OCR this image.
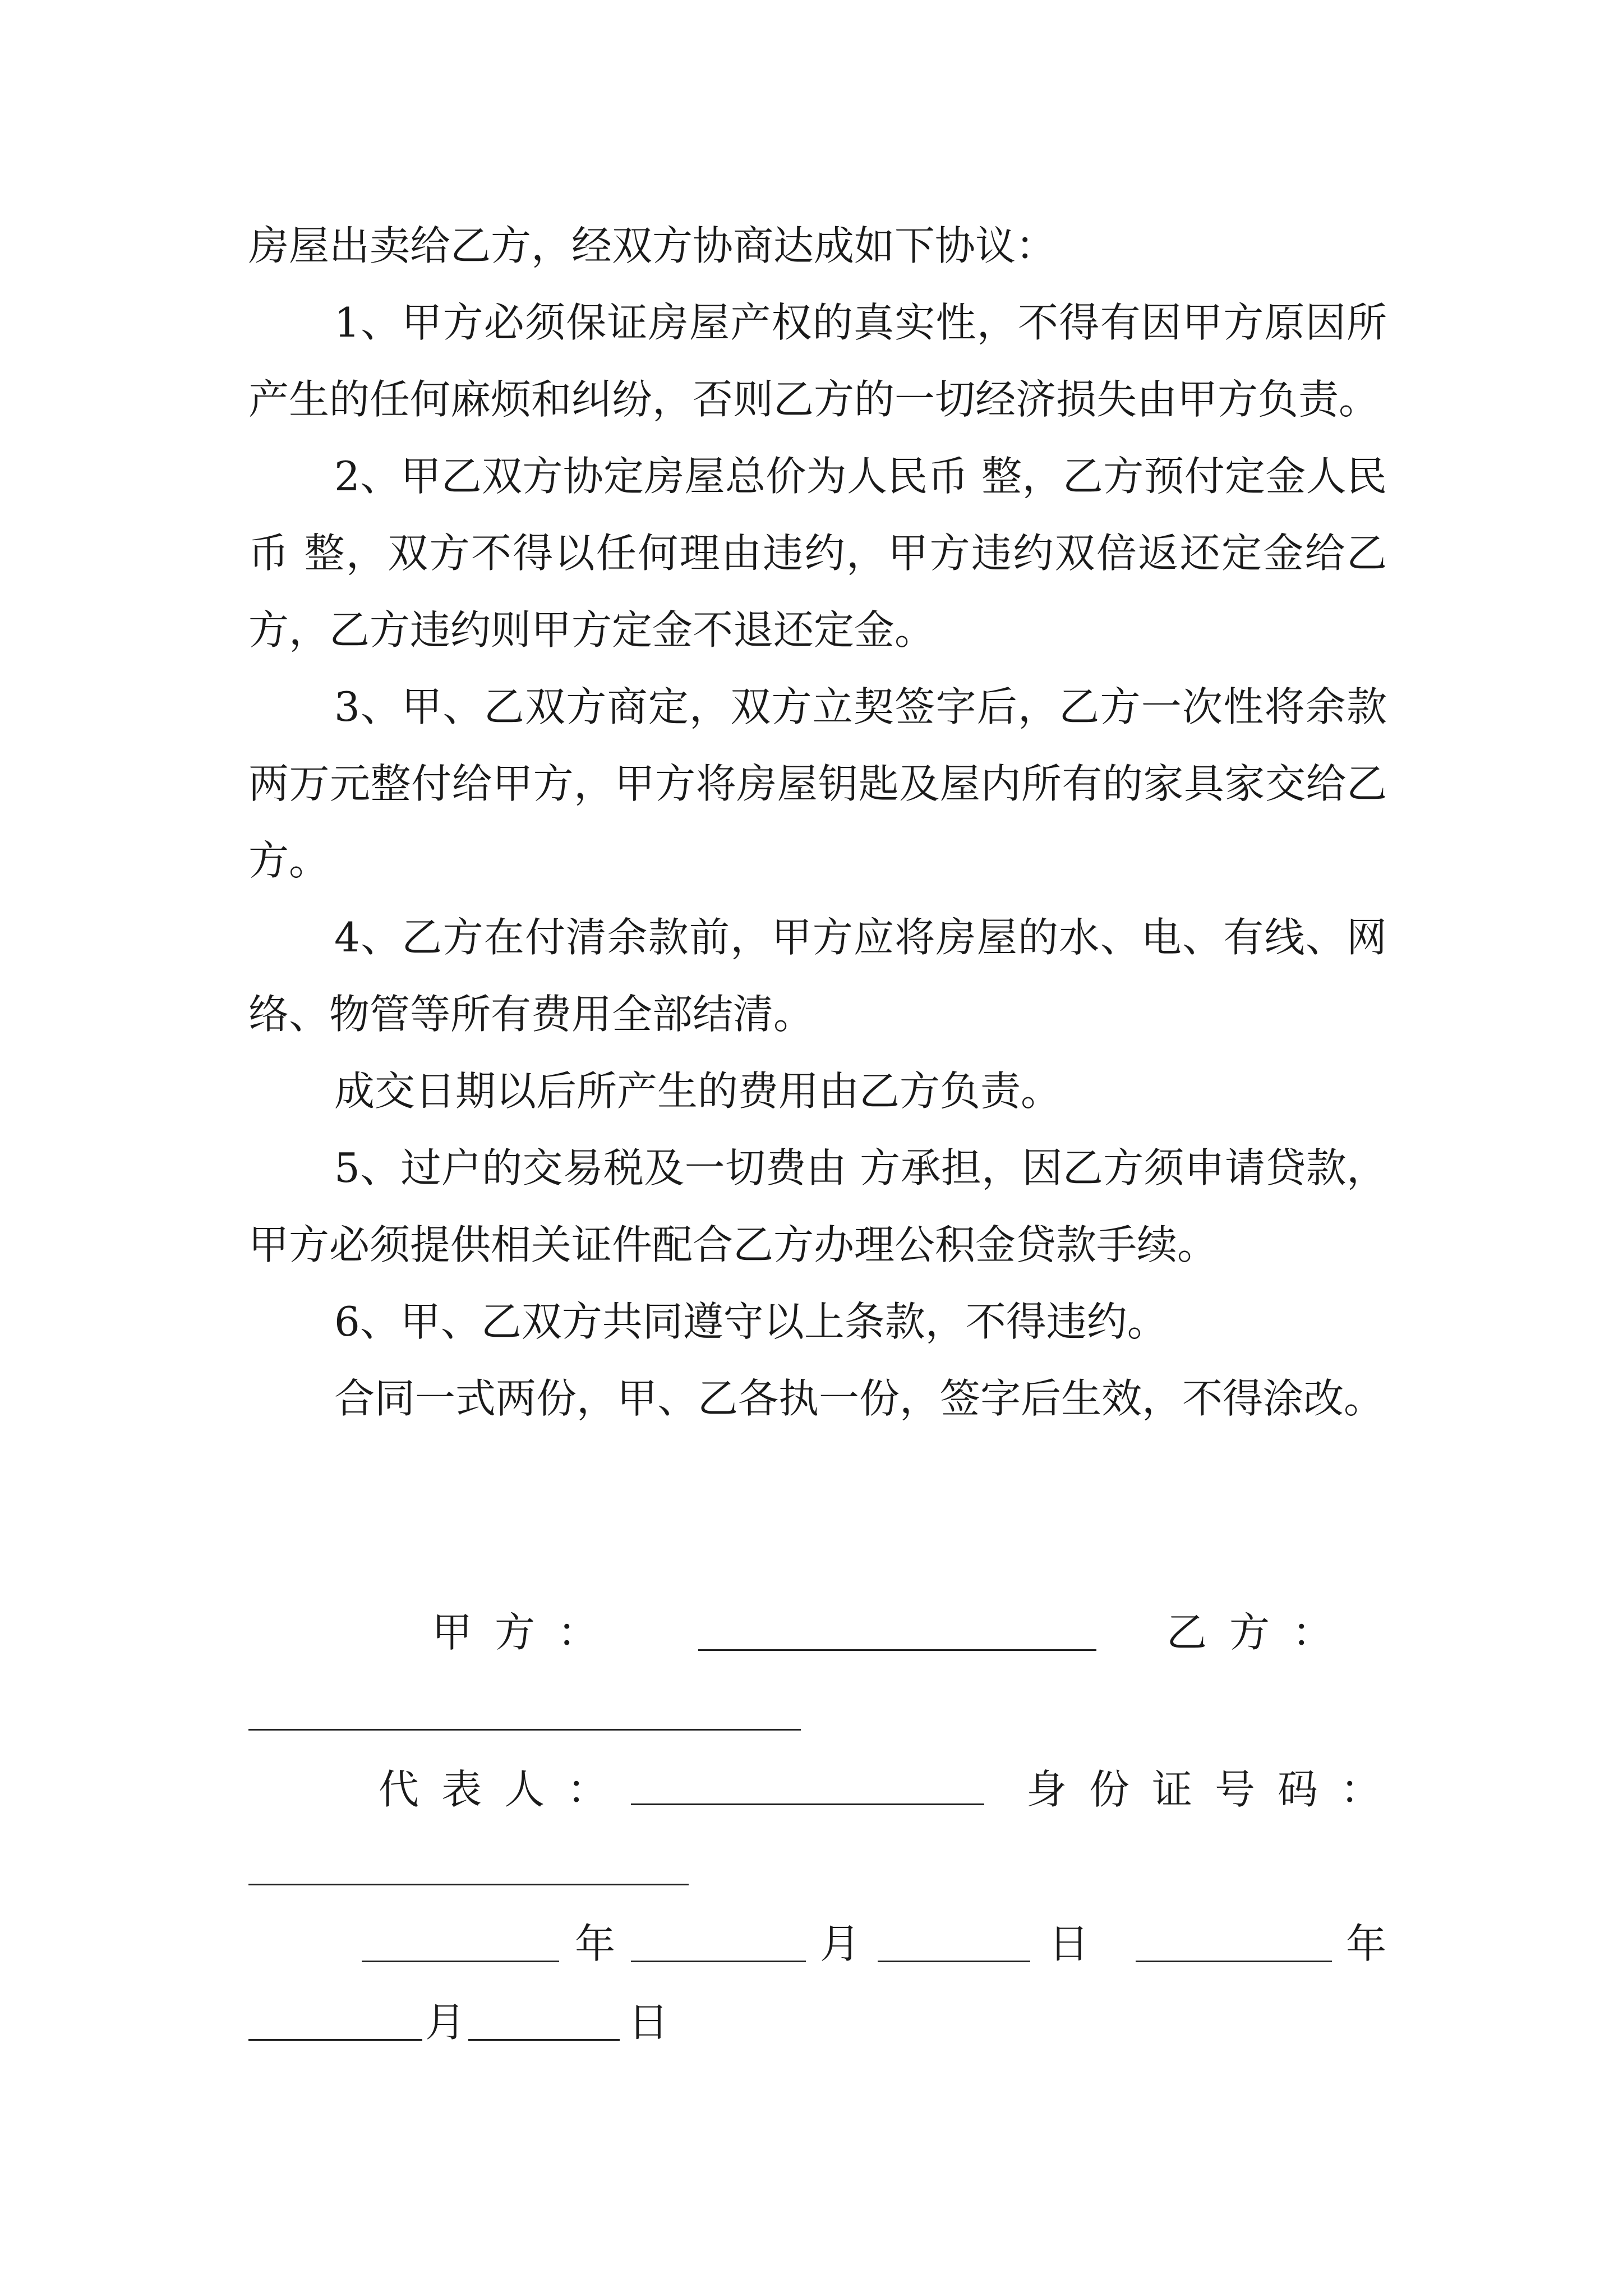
房屋出卖给乙方，经双方协商达成如下协议：

1、甲方必须保证房屋产权的真实性，不得有因甲方原因所产生的任何麻烦和纠纷，否则乙方的一切经济损失由甲方负责。

2、甲乙双方协定房屋总价为人民币 整，乙方预付定金人民币 整，双方不得以任何理由违约，甲方违约双倍返还定金给乙方，乙方违约则甲方定金不退还定金。

3、甲、乙双方商定，双方立契签字后，乙方一次性将余款两万元整付给甲方，甲方将房屋钥匙及屋内所有的家具家交给乙方。

4、乙方在付清余款前，甲方应将房屋的水、电、有线、网络、物管等所有费用全部结清。

成交日期以后所产生的费用由乙方负责。

5、过户的交易税及一切费由 方承担，因乙方须申请贷款，甲方必须提供相关证件配合乙方办理公积金贷款手续。

6、甲、乙双方共同遵守以上条款，不得违约。

合同一式两份，甲、乙各执一份，签字后生效，不得涂改。

甲方：	乙方：
代表人：	身份证号码：
年	月	日	年
月	日
